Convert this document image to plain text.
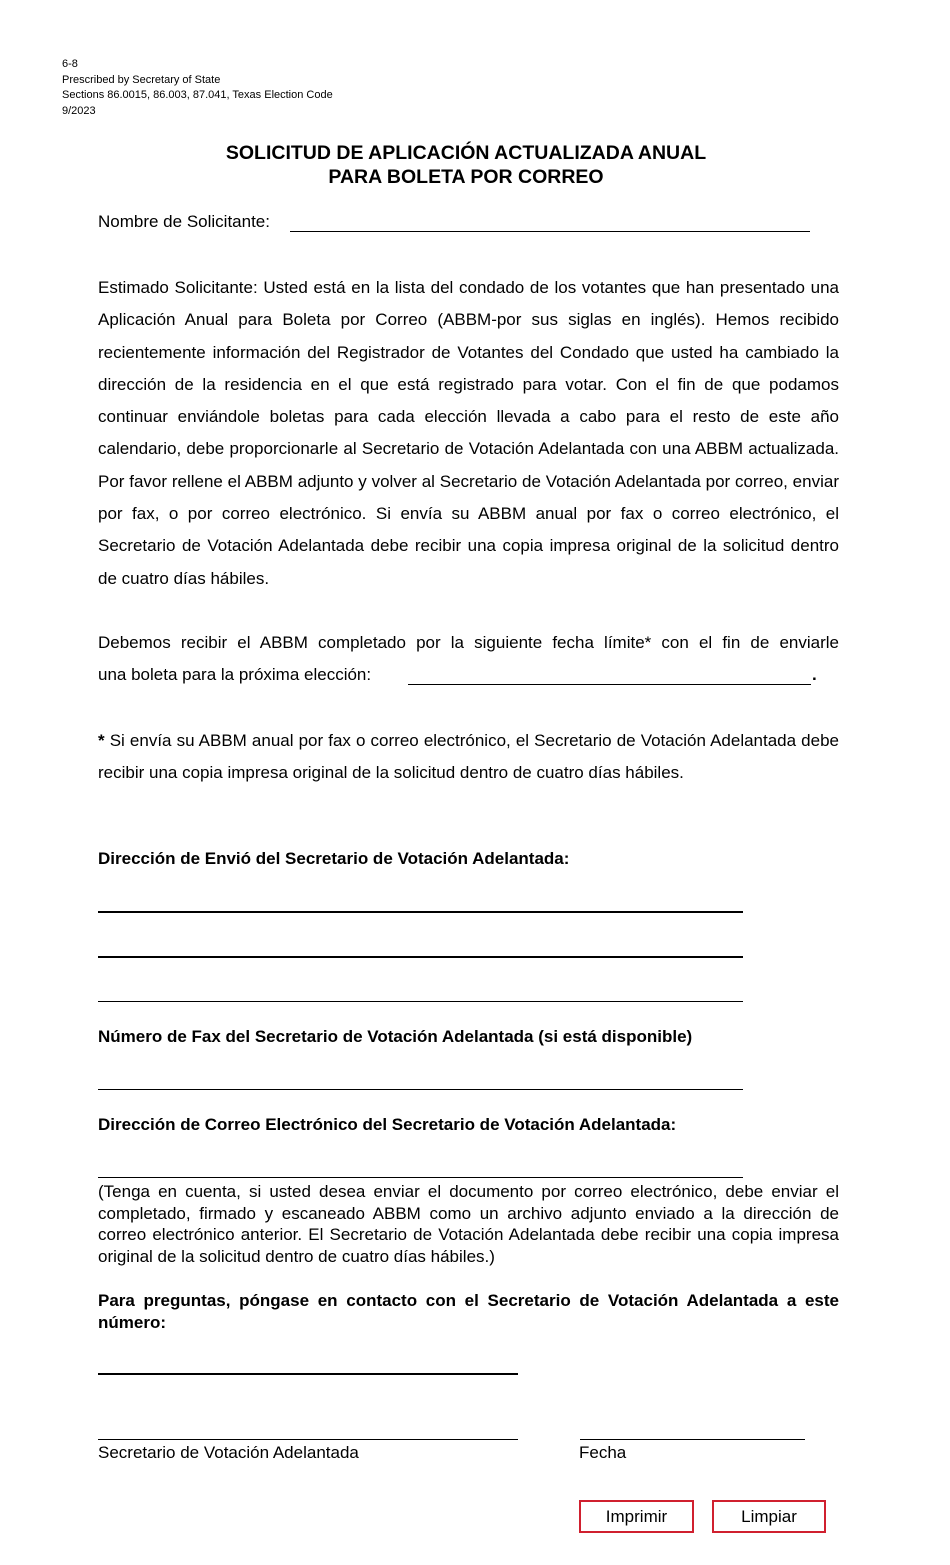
6-8
Prescribed by Secretary of State
Sections 86.0015, 86.003, 87.041, Texas Election Code
9/2023
SOLICITUD DE APLICACIÓN ACTUALIZADA ANUAL
PARA BOLETA POR CORREO
Nombre de Solicitante:
Estimado Solicitante: Usted está en la lista del condado de los votantes que han presentado una Aplicación Anual para Boleta por Correo (ABBM-por sus siglas en inglés). Hemos recibido recientemente información del Registrador de Votantes del Condado que usted ha cambiado la dirección de la residencia en el que está registrado para votar. Con el fin de que podamos continuar enviándole boletas para cada elección llevada a cabo para el resto de este año calendario, debe proporcionarle al Secretario de Votación Adelantada con una ABBM actualizada. Por favor rellene el ABBM adjunto y volver al Secretario de Votación Adelantada por correo, enviar por fax, o por correo electrónico. Si envía su ABBM anual por fax o correo electrónico, el Secretario de Votación Adelantada debe recibir una copia impresa original de la solicitud dentro de cuatro días hábiles.
Debemos recibir el ABBM completado por la siguiente fecha límite* con el fin de enviarle
una boleta para la próxima elección:	.
* Si envía su ABBM anual por fax o correo electrónico, el Secretario de Votación Adelantada debe recibir una copia impresa original de la solicitud dentro de cuatro días hábiles.
Dirección de Envió del Secretario de Votación Adelantada:
Número de Fax del Secretario de Votación Adelantada (si está disponible)
Dirección de Correo Electrónico del Secretario de Votación Adelantada:
(Tenga en cuenta, si usted desea enviar el documento por correo electrónico, debe enviar el completado, firmado y escaneado ABBM como un archivo adjunto enviado a la dirección de correo electrónico anterior. El Secretario de Votación Adelantada debe recibir una copia impresa original de la solicitud dentro de cuatro días hábiles.)
Para preguntas, póngase en contacto con el Secretario de Votación Adelantada a este número:
Secretario de Votación Adelantada	Fecha
Imprimir	Limpiar
